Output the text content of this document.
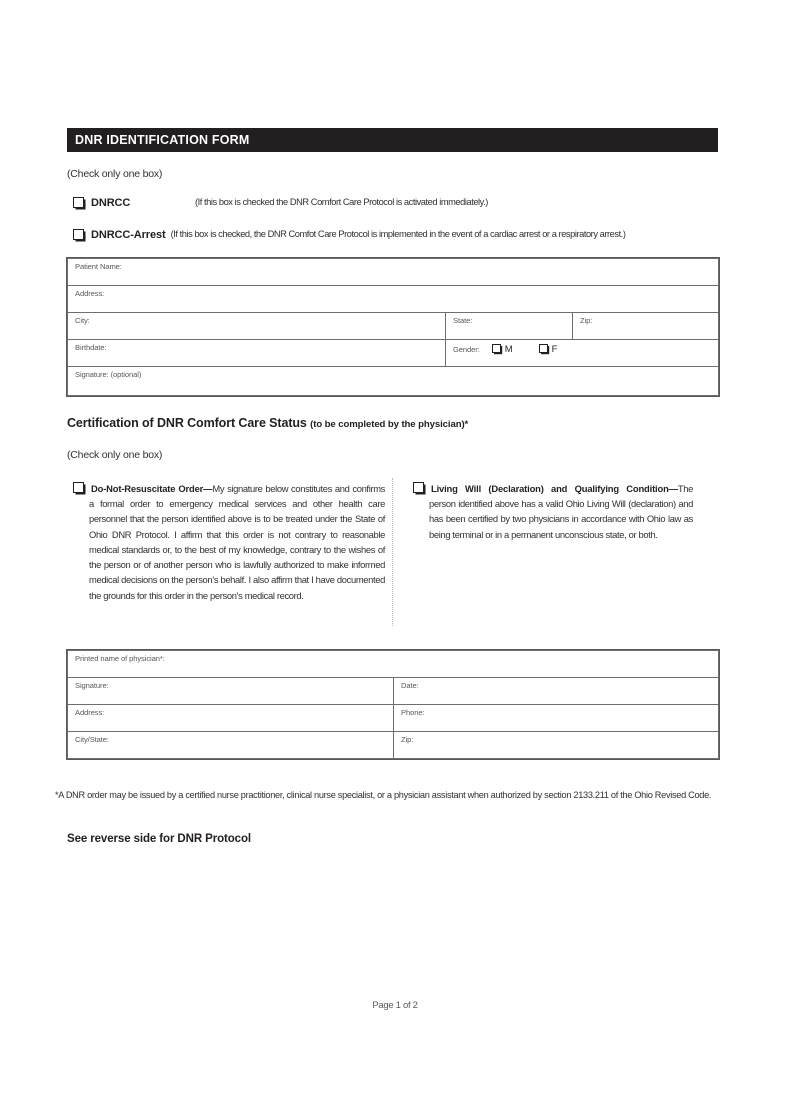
DNR IDENTIFICATION FORM
(Check only one box)
DNRCC	(If this box is checked the DNR Comfort Care Protocol is activated immediately.)
DNRCC-Arrest (If this box is checked, the DNR Comfot Care Protocol is implemented in the event of a cardiac arrest or a respiratory arrest.)
Patient Name:		
Address:		
City:	State:	Zip:
Birthdate:	Gender: M F	
Signature: (optional)		
Certification of DNR Comfort Care Status (to be completed by the physician)*
(Check only one box)
Do-Not-Resuscitate Order—My signature below constitutes and confirms a formal order to emergency medical services and other health care personnel that the person identified above is to be treated under the State of Ohio DNR Protocol. I affirm that this order is not contrary to reasonable medical standards or, to the best of my knowledge, contrary to the wishes of the person or of another person who is lawfully authorized to make informed medical decisions on the person’s behalf. I also affirm that I have documented the grounds for this order in the person’s medical record.
Living Will (Declaration) and Qualifying Condition—The person identified above has a valid Ohio Living Will (declaration) and has been certified by two physicians in accordance with Ohio law as being terminal or in a permanent unconscious state, or both.
Printed name of physician*:	
Signature:	Date:
Address:	Phone:
City/State:	Zip:
*A DNR order may be issued by a certified nurse practitioner, clinical nurse specialist, or a physician assistant when authorized by section 2133.211 of the Ohio Revised Code.
See reverse side for DNR Protocol
Page 1 of 2
